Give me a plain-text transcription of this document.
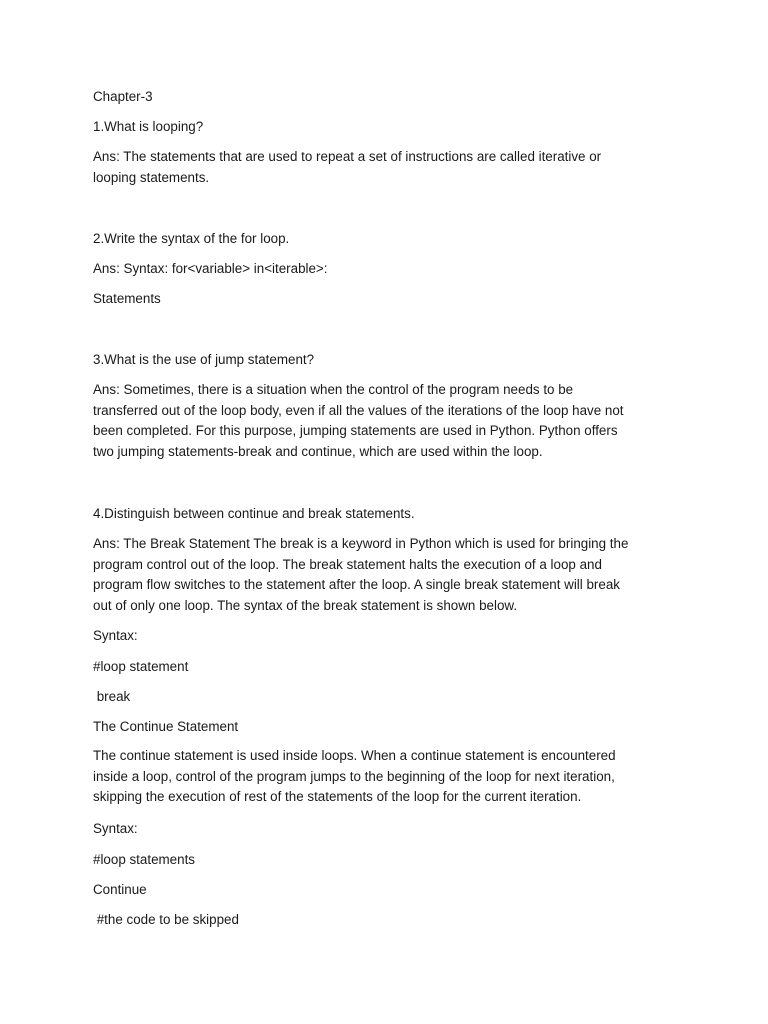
Chapter-3

1.What is looping?

Ans: The statements that are used to repeat a set of instructions are called iterative or
looping statements.

2.Write the syntax of the for loop.

Ans: Syntax: for<variable> in<iterable>:

Statements

3.What is the use of jump statement?

Ans: Sometimes, there is a situation when the control of the program needs to be
transferred out of the loop body, even if all the values of the iterations of the loop have not
been completed. For this purpose, jumping statements are used in Python. Python offers
two jumping statements-break and continue, which are used within the loop.

4.Distinguish between continue and break statements.

Ans: The Break Statement The break is a keyword in Python which is used for bringing the
program control out of the loop. The break statement halts the execution of a loop and
program flow switches to the statement after the loop. A single break statement will break
out of only one loop. The syntax of the break statement is shown below.

Syntax:

#loop statement

break

The Continue Statement

The continue statement is used inside loops. When a continue statement is encountered
inside a loop, control of the program jumps to the beginning of the loop for next iteration,
skipping the execution of rest of the statements of the loop for the current iteration.

Syntax:

#loop statements

Continue

#the code to be skipped
